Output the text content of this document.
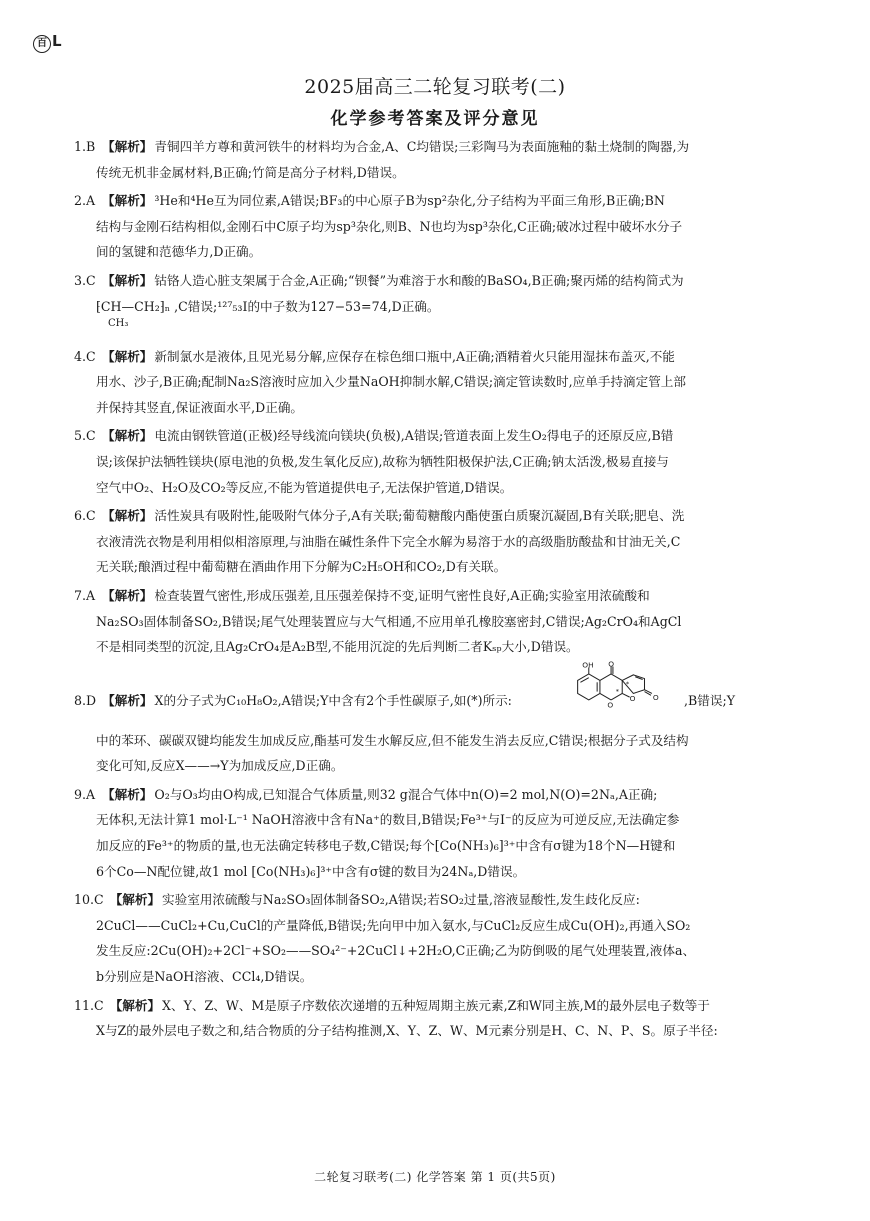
百 L
2025届高三二轮复习联考(二)
化学参考答案及评分意见
1.B 【解析】 青铜四羊方尊和黄河铁牛的材料均为合金,A、C均错误;三彩陶马为表面施釉的黏土烧制的陶器,为
传统无机非金属材料,B正确;竹简是高分子材料,D错误。
2.A 【解析】 ³He和⁴He互为同位素,A错误;BF₃的中心原子B为sp²杂化,分子结构为平面三角形,B正确;BN
结构与金刚石结构相似,金刚石中C原子均为sp³杂化,则B、N也均为sp³杂化,C正确;破冰过程中破坏水分子
间的氢键和范德华力,D正确。
3.C 【解析】 钴铬人造心脏支架属于合金,A正确;“钡餐”为难溶于水和酸的BaSO₄,B正确;聚丙烯的结构简式为
⁅CH—CH₂⁆ₙ ,C错误;¹²⁷₅₃I的中子数为127−53=74,D正确。
CH₃
4.C 【解析】 新制氯水是液体,且见光易分解,应保存在棕色细口瓶中,A正确;酒精着火只能用湿抹布盖灭,不能
用水、沙子,B正确;配制Na₂S溶液时应加入少量NaOH抑制水解,C错误;滴定管读数时,应单手持滴定管上部
并保持其竖直,保证液面水平,D正确。
5.C 【解析】 电流由钢铁管道(正极)经导线流向镁块(负极),A错误;管道表面上发生O₂得电子的还原反应,B错
误;该保护法牺牲镁块(原电池的负极,发生氧化反应),故称为牺牲阳极保护法,C正确;钠太活泼,极易直接与
空气中O₂、H₂O及CO₂等反应,不能为管道提供电子,无法保护管道,D错误。
6.C 【解析】 活性炭具有吸附性,能吸附气体分子,A有关联;葡萄糖酸内酯使蛋白质聚沉凝固,B有关联;肥皂、洗
衣液清洗衣物是利用相似相溶原理,与油脂在碱性条件下完全水解为易溶于水的高级脂肪酸盐和甘油无关,C
无关联;酿酒过程中葡萄糖在酒曲作用下分解为C₂H₅OH和CO₂,D有关联。
7.A 【解析】 检查装置气密性,形成压强差,且压强差保持不变,证明气密性良好,A正确;实验室用浓硫酸和
Na₂SO₃固体制备SO₂,B错误;尾气处理装置应与大气相通,不应用单孔橡胶塞密封,C错误;Ag₂CrO₄和AgCl
不是相同类型的沉淀,且Ag₂CrO₄是A₂B型,不能用沉淀的先后判断二者Kₛₚ大小,D错误。
8.D 【解析】 X的分子式为C₁₀H₈O₂,A错误;Y中含有2个手性碳原子,如(*)所示:
OH O
O
O O
*
*
,B错误;Y
中的苯环、碳碳双键均能发生加成反应,酯基可发生水解反应,但不能发生消去反应,C错误;根据分子式及结构
变化可知,反应X——→Y为加成反应,D正确。
9.A 【解析】 O₂与O₃均由O构成,已知混合气体质量,则32 g混合气体中n(O)=2 mol,N(O)=2Nₐ,A正确;
无体积,无法计算1 mol·L⁻¹ NaOH溶液中含有Na⁺的数目,B错误;Fe³⁺与I⁻的反应为可逆反应,无法确定参
加反应的Fe³⁺的物质的量,也无法确定转移电子数,C错误;每个[Co(NH₃)₆]³⁺中含有σ键为18个N—H键和
6个Co—N配位键,故1 mol [Co(NH₃)₆]³⁺中含有σ键的数目为24Nₐ,D错误。
10.C 【解析】 实验室用浓硫酸与Na₂SO₃固体制备SO₂,A错误;若SO₂过量,溶液显酸性,发生歧化反应:
2CuCl——CuCl₂+Cu,CuCl的产量降低,B错误;先向甲中加入氨水,与CuCl₂反应生成Cu(OH)₂,再通入SO₂
发生反应:2Cu(OH)₂+2Cl⁻+SO₂——SO₄²⁻+2CuCl↓+2H₂O,C正确;乙为防倒吸的尾气处理装置,液体a、
b分别应是NaOH溶液、CCl₄,D错误。
11.C 【解析】 X、Y、Z、W、M是原子序数依次递增的五种短周期主族元素,Z和W同主族,M的最外层电子数等于
X与Z的最外层电子数之和,结合物质的分子结构推测,X、Y、Z、W、M元素分别是H、C、N、P、S。原子半径:
二轮复习联考(二) 化学答案 第 1 页(共5页)
